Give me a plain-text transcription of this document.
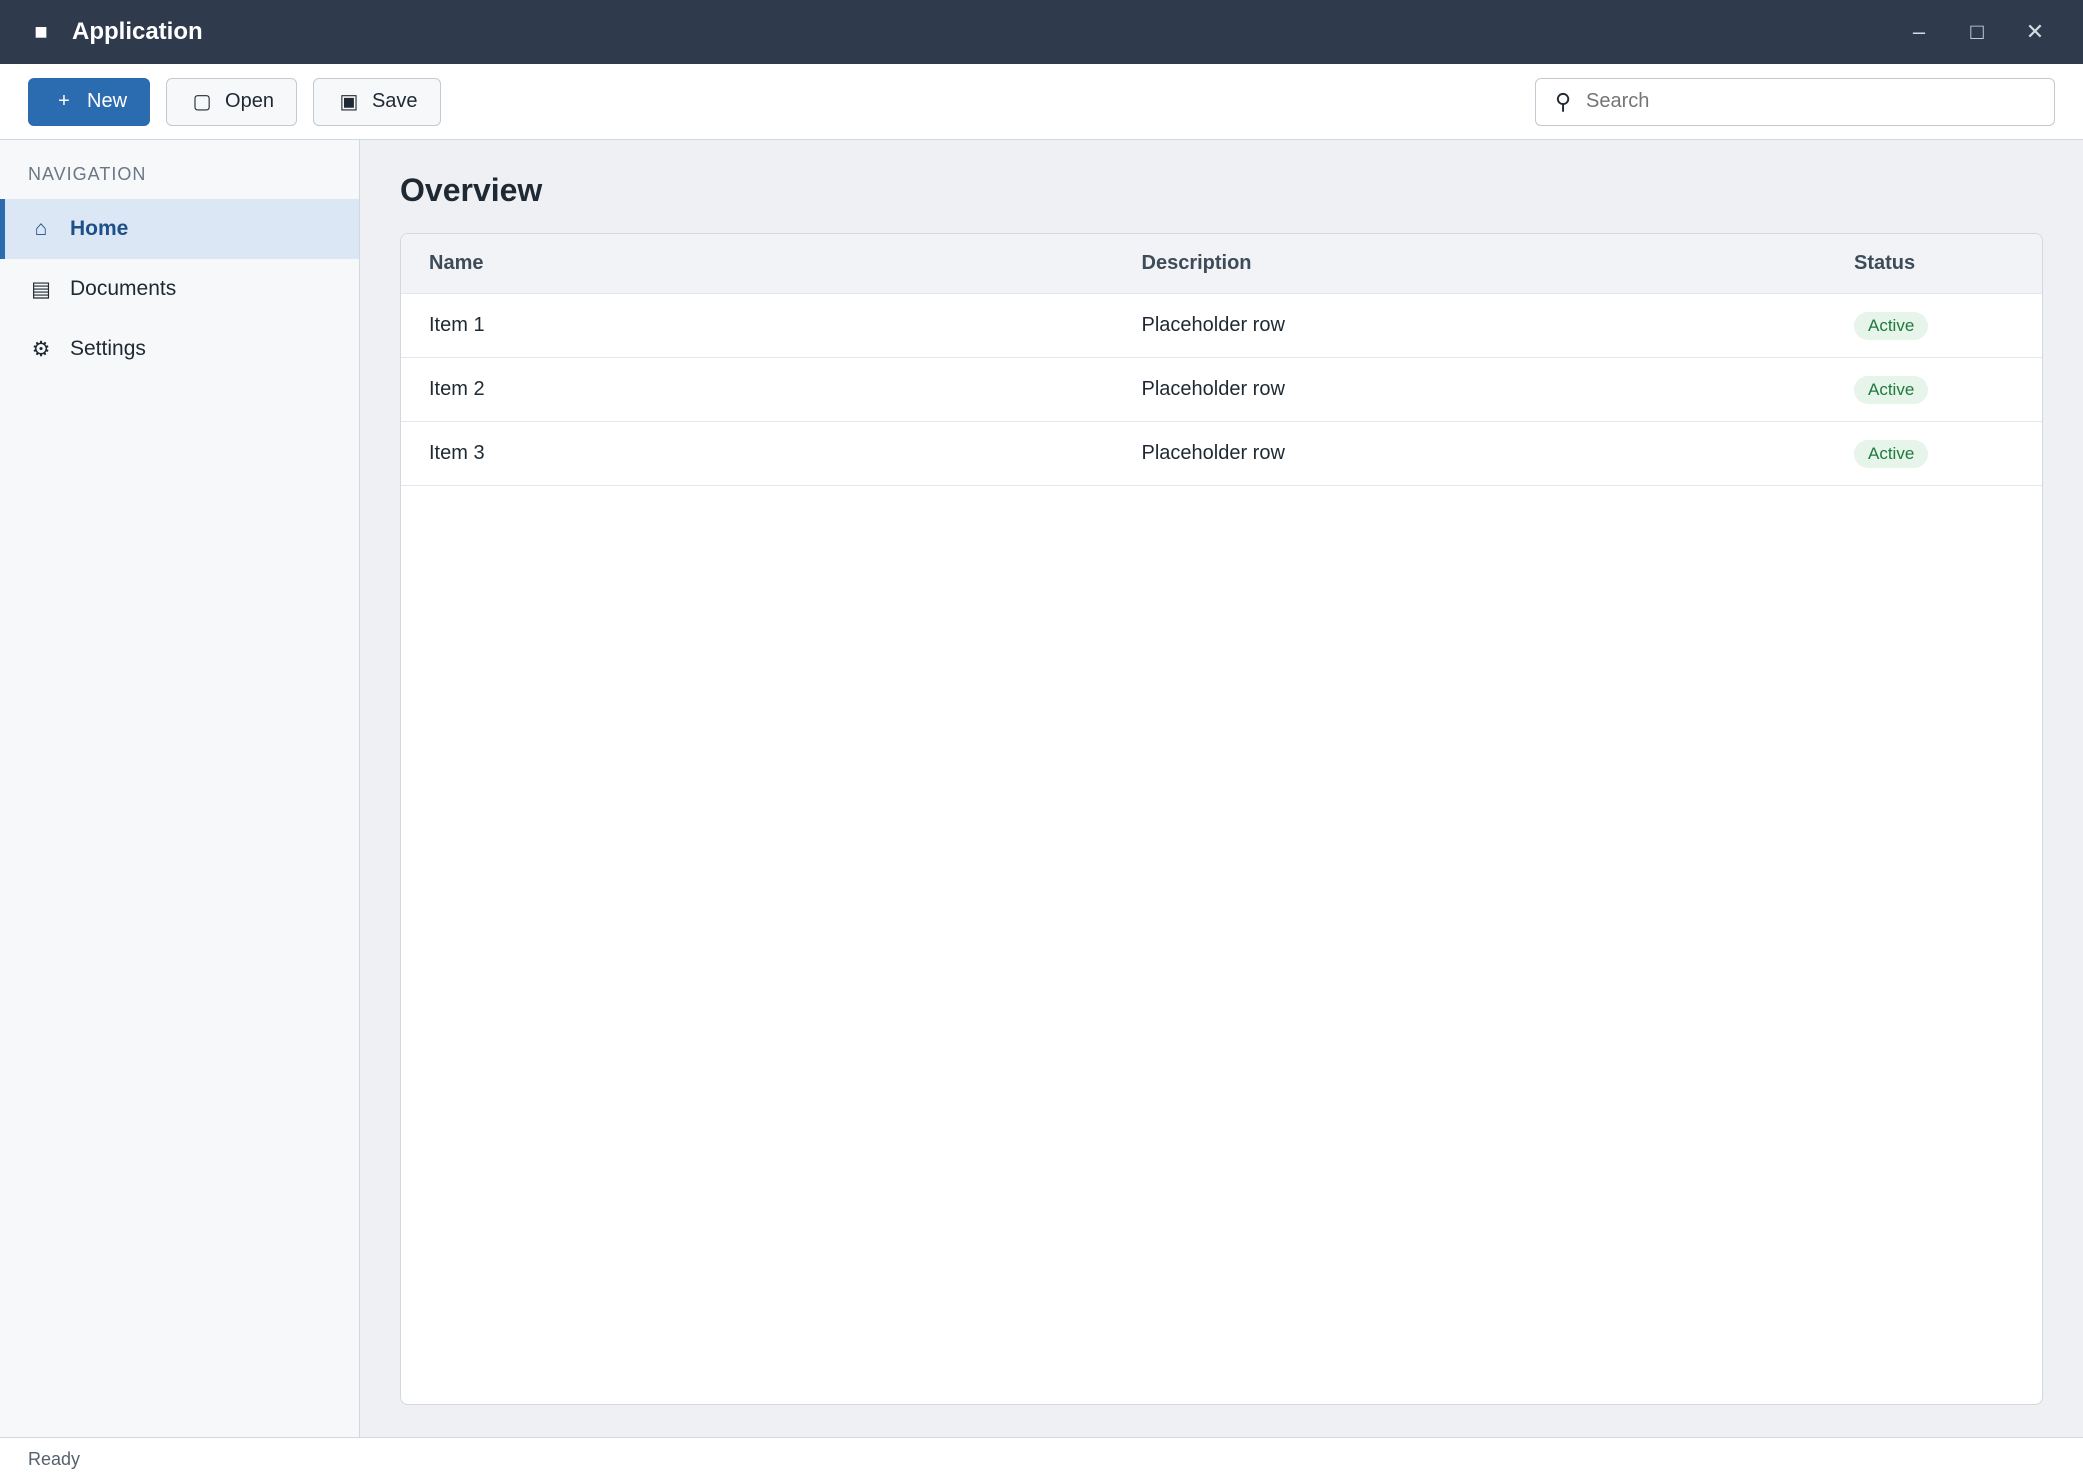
■ Application	–	□	✕
+ New	▢ Open	▣ Save	⚲
Search
NAVIGATION
⌂	Home
▤ Documents
⚙ Settings
Overview
Name	Description	Status
Item 1	Placeholder row	Active
Item 2	Placeholder row	Active
Item 3	Placeholder row	Active
Ready
